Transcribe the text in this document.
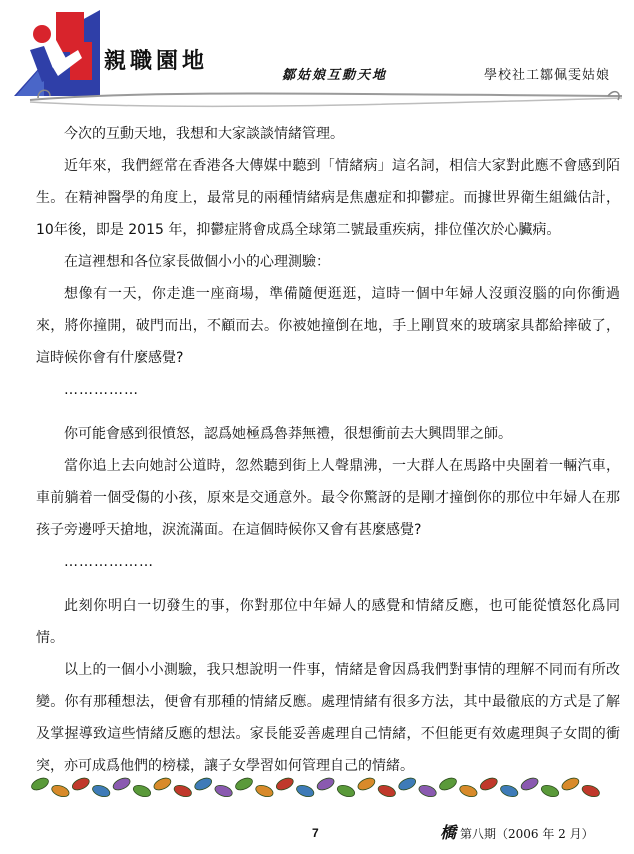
親職園地
鄒姑娘互動天地	學校社工鄒佩雯姑娘

今次的互動天地，我想和大家談談情緒管理。

近年來，我們經常在香港各大傳媒中聽到「情緒病」這名詞，相信大家對此應不會感到陌生。在精神醫學的角度上，最常見的兩種情緒病是焦慮症和抑鬱症。而據世界衛生組織估計，10年後，即是 2015 年，抑鬱症將會成爲全球第二號最重疾病，排位僅次於心臟病。

在這裡想和各位家長做個小小的心理測驗：

想像有一天，你走進一座商場，準備隨便逛逛，這時一個中年婦人沒頭沒腦的向你衝過來，將你撞開，破門而出，不顧而去。你被她撞倒在地，手上剛買來的玻璃家具都給摔破了，這時候你會有什麼感覺?

……………

你可能會感到很憤怒，認爲她極爲魯莽無禮，很想衝前去大興問罪之師。

當你追上去向她討公道時，忽然聽到街上人聲鼎沸，一大群人在馬路中央圍着一輛汽車，車前躺着一個受傷的小孩，原來是交通意外。最令你驚訝的是剛才撞倒你的那位中年婦人在那孩子旁邊呼天搶地，淚流滿面。在這個時候你又會有甚麼感覺?

………………

此刻你明白一切發生的事，你對那位中年婦人的感覺和情緒反應，也可能從憤怒化爲同情。

以上的一個小小測驗，我只想說明一件事，情緒是會因爲我們對事情的理解不同而有所改變。你有那種想法，便會有那種的情緒反應。處理情緒有很多方法，其中最徹底的方式是了解及掌握導致這些情緒反應的想法。家長能妥善處理自己情緒，不但能更有效處理與子女間的衝突，亦可成爲他們的榜樣，讓子女學習如何管理自己的情緒。

7	橋 第八期（2006 年 2 月）
